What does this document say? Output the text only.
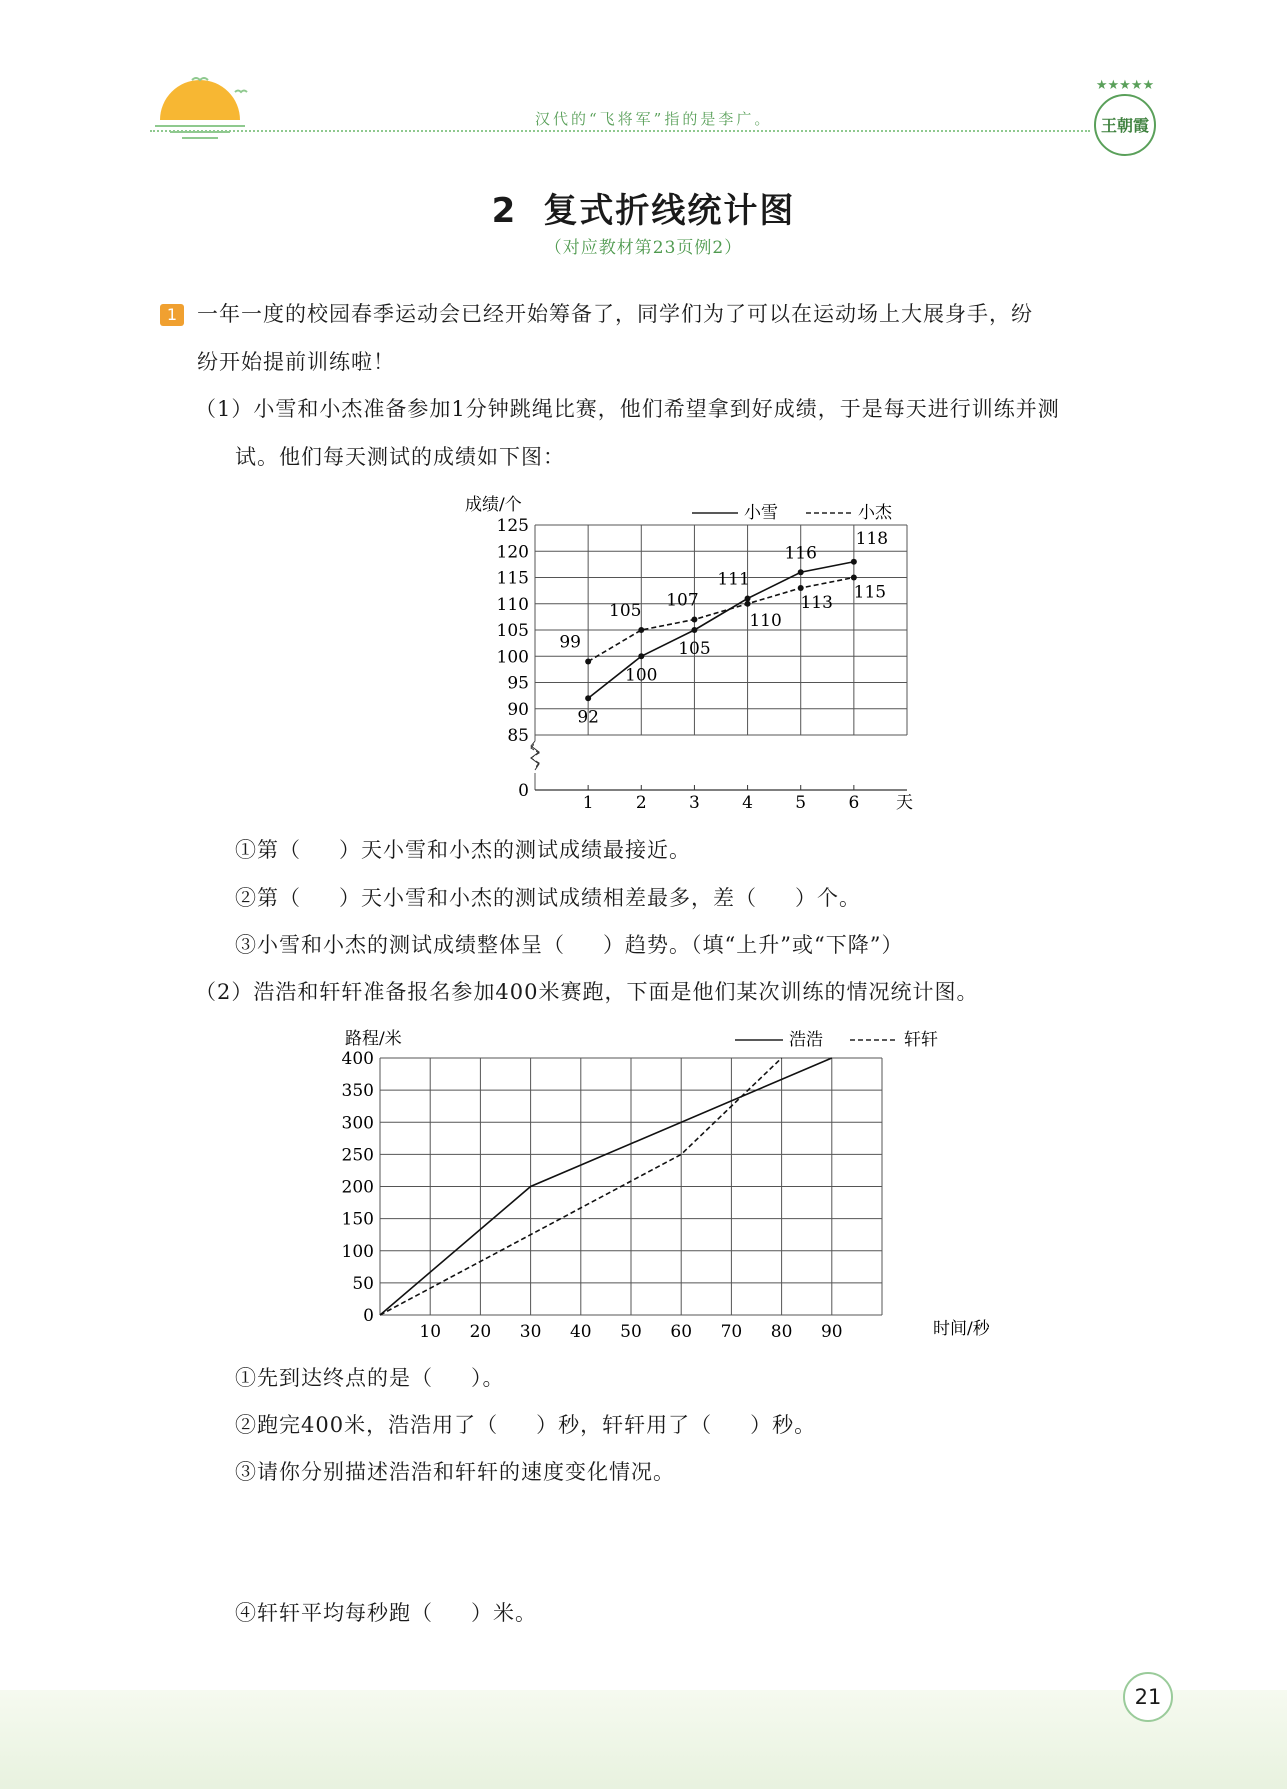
汉代的“飞将军”指的是李广。
★★★★★
王朝霞
2 复式折线统计图
（对应教材第23页例2）
1 一年一度的校园春季运动会已经开始筹备了，同学们为了可以在运动场上大展身手，纷
纷开始提前训练啦！
（1）小雪和小杰准备参加1分钟跳绳比赛，他们希望拿到好成绩，于是每天进行训练并测
试。他们每天测试的成绩如下图：
成绩/个	小雪	小杰
0
85
90
95
100
105
110
115
120
125
1 2 3 4 5 6
92
100
105
111
116
118
99
105
107
110
113
115
天
①第（ ）天小雪和小杰的测试成绩最接近。
②第（ ）天小雪和小杰的测试成绩相差最多，差（ ）个。
③小雪和小杰的测试成绩整体呈（ ）趋势。（填“上升”或“下降”）
（2）浩浩和轩轩准备报名参加400米赛跑，下面是他们某次训练的情况统计图。
路程/米	浩浩	轩轩
0
50
100
150
200
250
300
350
400
10 20 30 40 50 60 70 80 90	时间/秒
①先到达终点的是（ ）。
②跑完400米，浩浩用了（ ）秒，轩轩用了（ ）秒。
③请你分别描述浩浩和轩轩的速度变化情况。
④轩轩平均每秒跑（ ）米。
21
